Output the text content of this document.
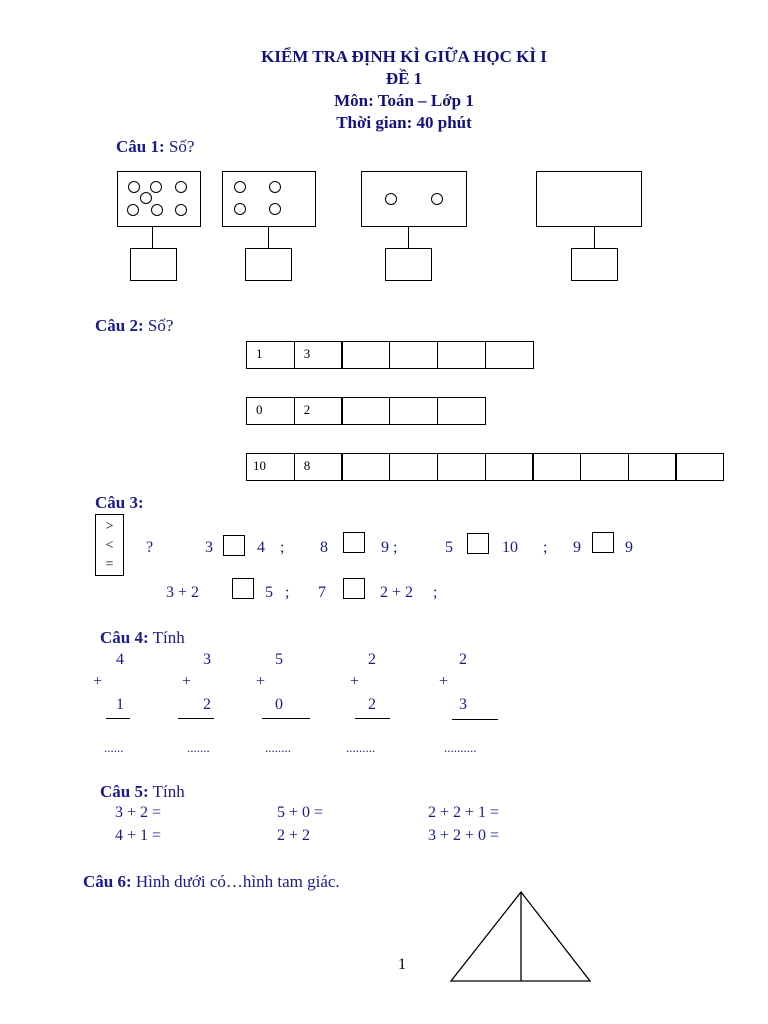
KIỂM TRA ĐỊNH KÌ GIỮA HỌC KÌ I
ĐỀ 1
Môn: Toán – Lớp 1
Thời gian: 40 phút
Câu 1: Số?
Câu 2: Số?
1	3
0	2
10	8
Câu 3:
>
<
=
?	3	4 ; 8	9 ;	5	10 ; 9	9
3 + 2	5 ; 7	2 + 2 ;
Câu 4: Tính
4
+
1
......
3
+
2
.......
5
+
0
........
2
+
2
.........
2
+
3
..........
Câu 5: Tính
3 + 2 =	5 + 0 =	2 + 2 + 1 =
4 + 1 =	2 + 2	3 + 2 + 0 =
Câu 6: Hình dưới có…hình tam giác.
1
